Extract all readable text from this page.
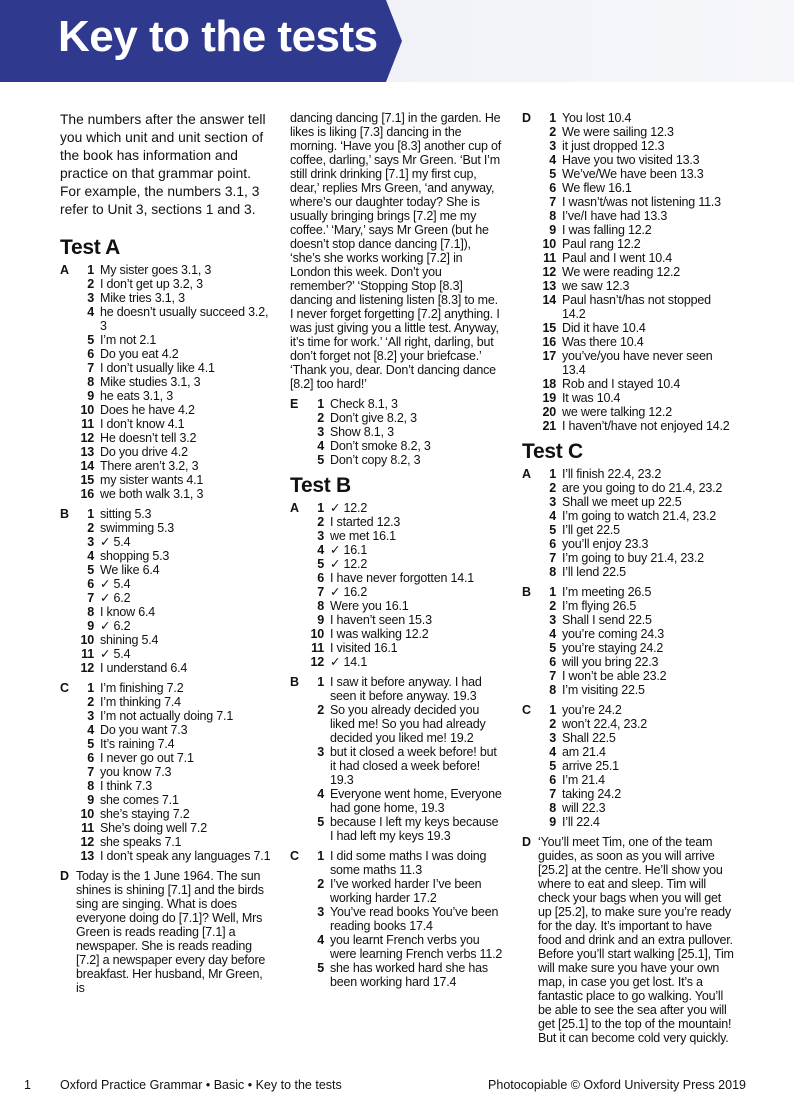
Key to the tests
The numbers after the answer tell you which unit and unit section of the book has information and practice on that grammar point. For example, the numbers 3.1, 3 refer to Unit 3, sections 1 and 3.
Test A
A	1 My sister goes 3.1, 3
2 I don’t get up 3.2, 3
3 Mike tries 3.1, 3
4 he doesn’t usually succeed 3.2, 3
5 I’m not 2.1
6 Do you eat 4.2
7 I don’t usually like 4.1
8 Mike studies 3.1, 3
9 he eats 3.1, 3
10 Does he have 4.2
11 I don’t know 4.1
12 He doesn’t tell 3.2
13 Do you drive 4.2
14 There aren’t 3.2, 3
15 my sister wants 4.1
16 we both walk 3.1, 3
B	1 sitting 5.3
2 swimming 5.3
3 ✓ 5.4
4 shopping 5.3
5 We like 6.4
6 ✓ 5.4
7 ✓ 6.2
8 I know 6.4
9 ✓ 6.2
10 shining 5.4
11 ✓ 5.4
12 I understand 6.4
C	1 I’m finishing 7.2
2 I’m thinking 7.4
3 I’m not actually doing 7.1
4 Do you want 7.3
5 It’s raining 7.4
6 I never go out 7.1
7 you know 7.3
8 I think 7.3
9 she comes 7.1
10 she’s staying 7.2
11 She’s doing well 7.2
12 she speaks 7.1
13 I don’t speak any languages 7.1
D Today is the 1 June 1964. The sun shines is shining [7.1] and the birds sing are singing. What is does everyone doing do [7.1]? Well, Mrs Green is reads reading [7.1] a newspaper. She is reads reading [7.2] a newspaper every day before breakfast. Her husband, Mr Green, is
dancing dancing [7.1] in the garden. He likes is liking [7.3] dancing in the morning. ‘Have you [8.3] another cup of coffee, darling,’ says Mr Green. ‘But I’m still drink drinking [7.1] my first cup, dear,’ replies Mrs Green, ‘and anyway, where’s our daughter today? She is usually bringing brings [7.2] me my coffee.’ ‘Mary,’ says Mr Green (but he doesn’t stop dance dancing [7.1]), ‘she’s she works working [7.2] in London this week. Don’t you remember?’ ‘Stopping Stop [8.3] dancing and listening listen [8.3] to me. I never forget forgetting [7.2] anything. I was just giving you a little test. Anyway, it’s time for work.’ ‘All right, darling, but don’t forget not [8.2] your briefcase.’ ‘Thank you, dear. Don’t dancing dance [8.2] too hard!’
E	1 Check 8.1, 3
2 Don’t give 8.2, 3
3 Show 8.1, 3
4 Don’t smoke 8.2, 3
5 Don’t copy 8.2, 3
Test B
A	1 ✓ 12.2
2 I started 12.3
3 we met 16.1
4 ✓ 16.1
5 ✓ 12.2
6 I have never forgotten 14.1
7 ✓ 16.2
8 Were you 16.1
9 I haven’t seen 15.3
10 I was walking 12.2
11 I visited 16.1
12 ✓ 14.1
B	1 I saw it before anyway. I had seen it before anyway. 19.3
2 So you already decided you liked me! So you had already decided you liked me! 19.2
3 but it closed a week before! but it had closed a week before! 19.3
4 Everyone went home, Everyone had gone home, 19.3
5 because I left my keys because I had left my keys 19.3
C	1 I did some maths I was doing some maths 11.3
2 I’ve worked harder I’ve been working harder 17.2
3 You’ve read books You’ve been reading books 17.4
4 you learnt French verbs you were learning French verbs 11.2
5 she has worked hard she has been working hard 17.4
D	1 You lost 10.4
2 We were sailing 12.3
3 it just dropped 12.3
4 Have you two visited 13.3
5 We’ve/We have been 13.3
6 We flew 16.1
7 I wasn’t/was not listening 11.3
8 I’ve/I have had 13.3
9 I was falling 12.2
10 Paul rang 12.2
11 Paul and I went 10.4
12 We were reading 12.2
13 we saw 12.3
14 Paul hasn’t/has not stopped 14.2
15 Did it have 10.4
16 Was there 10.4
17 you’ve/you have never seen 13.4
18 Rob and I stayed 10.4
19 It was 10.4
20 we were talking 12.2
21 I haven’t/have not enjoyed 14.2
Test C
A	1 I’ll finish 22.4, 23.2
2 are you going to do 21.4, 23.2
3 Shall we meet up 22.5
4 I’m going to watch 21.4, 23.2
5 I’ll get 22.5
6 you’ll enjoy 23.3
7 I’m going to buy 21.4, 23.2
8 I’ll lend 22.5
B	1 I’m meeting 26.5
2 I’m flying 26.5
3 Shall I send 22.5
4 you’re coming 24.3
5 you’re staying 24.2
6 will you bring 22.3
7 I won’t be able 23.2
8 I’m visiting 22.5
C	1 you’re 24.2
2 won’t 22.4, 23.2
3 Shall 22.5
4 am 21.4
5 arrive 25.1
6 I’m 21.4
7 taking 24.2
8 will 22.3
9 I’ll 22.4
D ‘You’ll meet Tim, one of the team guides, as soon as you will arrive [25.2] at the centre. He’ll show you where to eat and sleep. Tim will check your bags when you will get up [25.2], to make sure you’re ready for the day. It’s important to have food and drink and an extra pullover. Before you’ll start walking [25.1], Tim will make sure you have your own map, in case you get lost. It’s a fantastic place to go walking. You’ll be able to see the sea after you will get [25.1] to the top of the mountain! But it can become cold very quickly.
1 Oxford Practice Grammar • Basic • Key to the tests	Photocopiable © Oxford University Press 2019
